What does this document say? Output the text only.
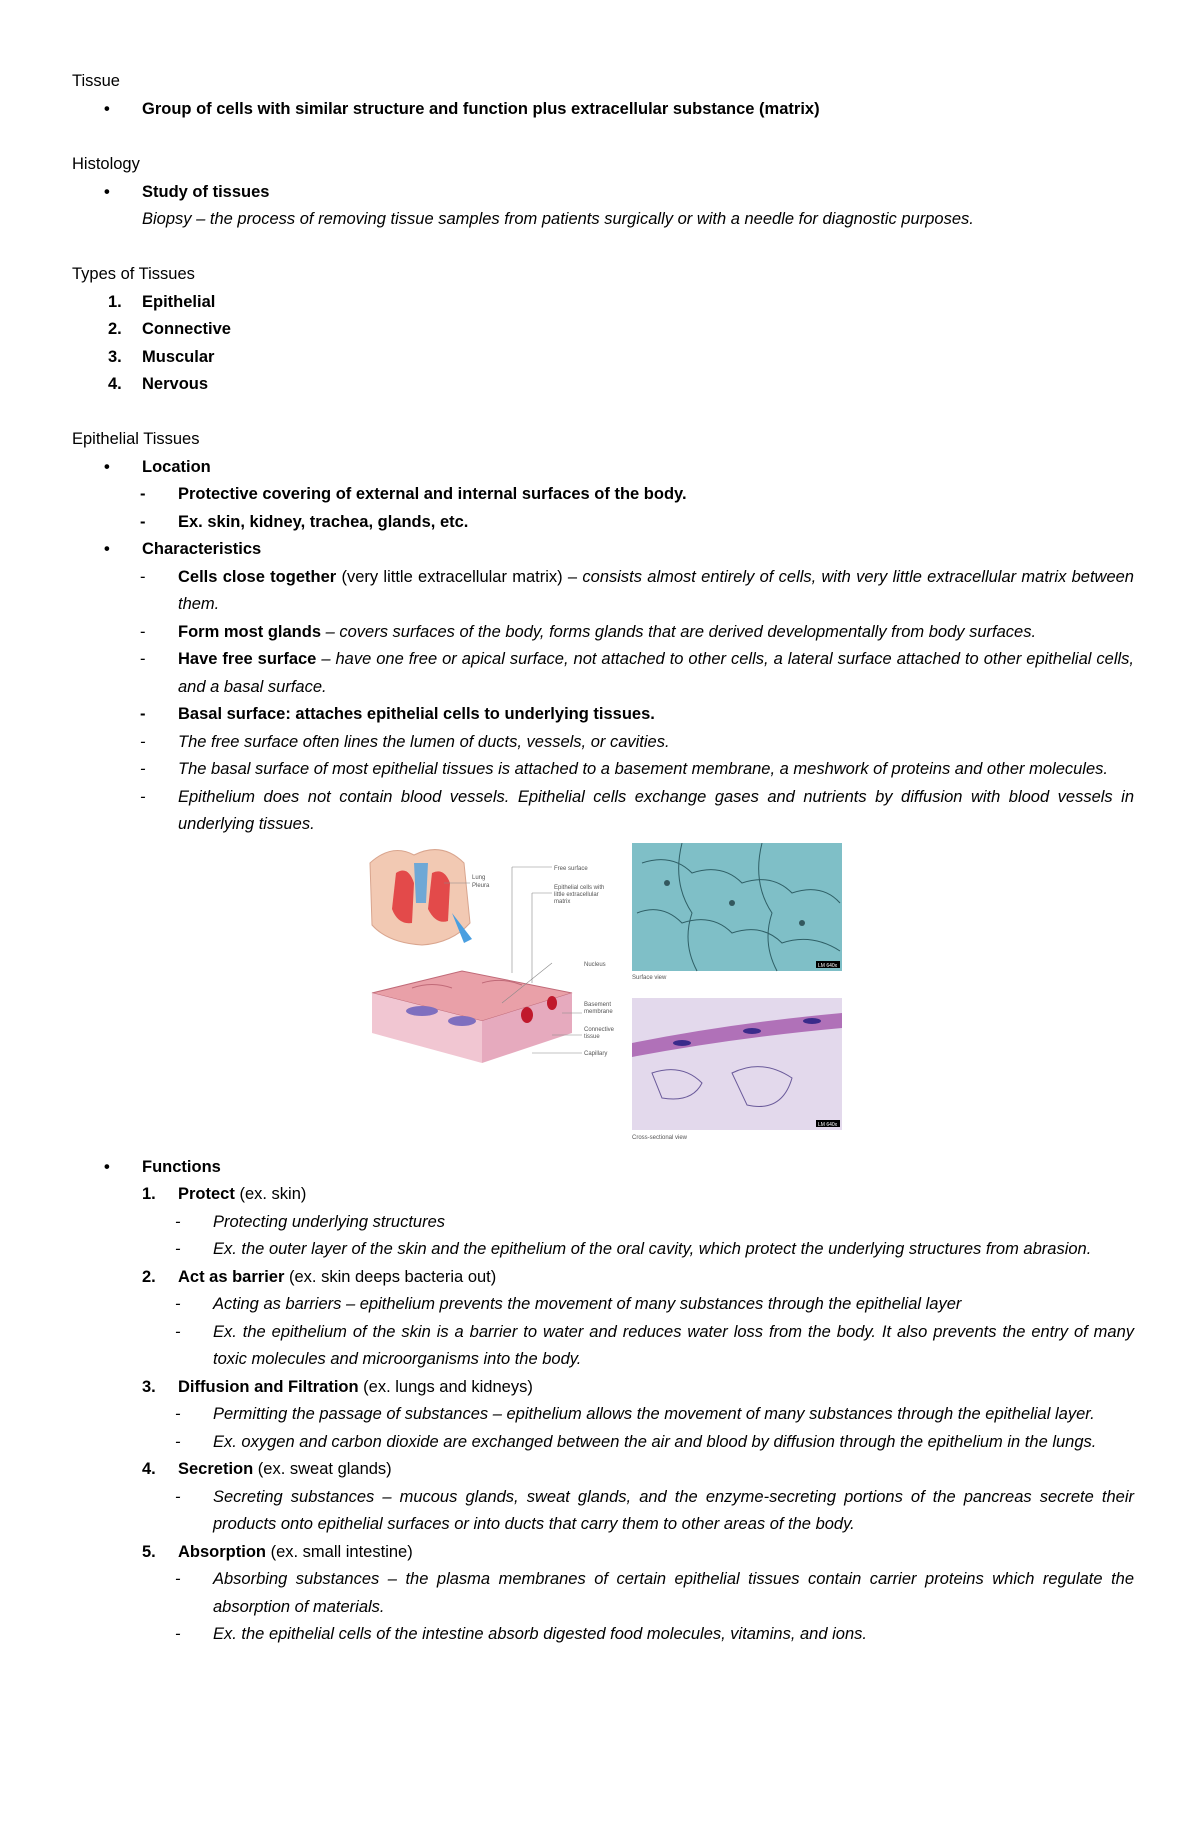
Tissue
• Group of cells with similar structure and function plus extracellular substance (matrix)
Histology
• Study of tissues
Biopsy – the process of removing tissue samples from patients surgically or with a needle for diagnostic purposes.
Types of Tissues
1. Epithelial
2. Connective
3. Muscular
4. Nervous
Epithelial Tissues
• Location
- Protective covering of external and internal surfaces of the body.
- Ex. skin, kidney, trachea, glands, etc.
• Characteristics
- Cells close together (very little extracellular matrix) – consists almost entirely of cells, with very little extracellular matrix between them.
- Form most glands – covers surfaces of the body, forms glands that are derived developmentally from body surfaces.
- Have free surface – have one free or apical surface, not attached to other cells, a lateral surface attached to other epithelial cells, and a basal surface.
- Basal surface: attaches epithelial cells to underlying tissues.
- The free surface often lines the lumen of ducts, vessels, or cavities.
- The basal surface of most epithelial tissues is attached to a basement membrane, a meshwork of proteins and other molecules.
- Epithelium does not contain blood vessels. Epithelial cells exchange gases and nutrients by diffusion with blood vessels in underlying tissues.
Lung
Pleura
Free surface
Epithelial cells with
little extracellular
matrix
Nucleus
Basement
membrane
Connective
tissue
Capillary
LM 640x
Surface view
LM 640x
Cross-sectional view
• Functions
1. Protect (ex. skin)
- Protecting underlying structures
- Ex. the outer layer of the skin and the epithelium of the oral cavity, which protect the underlying structures from abrasion.
2. Act as barrier (ex. skin deeps bacteria out)
- Acting as barriers – epithelium prevents the movement of many substances through the epithelial layer
- Ex. the epithelium of the skin is a barrier to water and reduces water loss from the body. It also prevents the entry of many toxic molecules and microorganisms into the body.
3. Diffusion and Filtration (ex. lungs and kidneys)
- Permitting the passage of substances – epithelium allows the movement of many substances through the epithelial layer.
- Ex. oxygen and carbon dioxide are exchanged between the air and blood by diffusion through the epithelium in the lungs.
4. Secretion (ex. sweat glands)
- Secreting substances – mucous glands, sweat glands, and the enzyme-secreting portions of the pancreas secrete their products onto epithelial surfaces or into ducts that carry them to other areas of the body.
5. Absorption (ex. small intestine)
- Absorbing substances – the plasma membranes of certain epithelial tissues contain carrier proteins which regulate the absorption of materials.
- Ex. the epithelial cells of the intestine absorb digested food molecules, vitamins, and ions.
